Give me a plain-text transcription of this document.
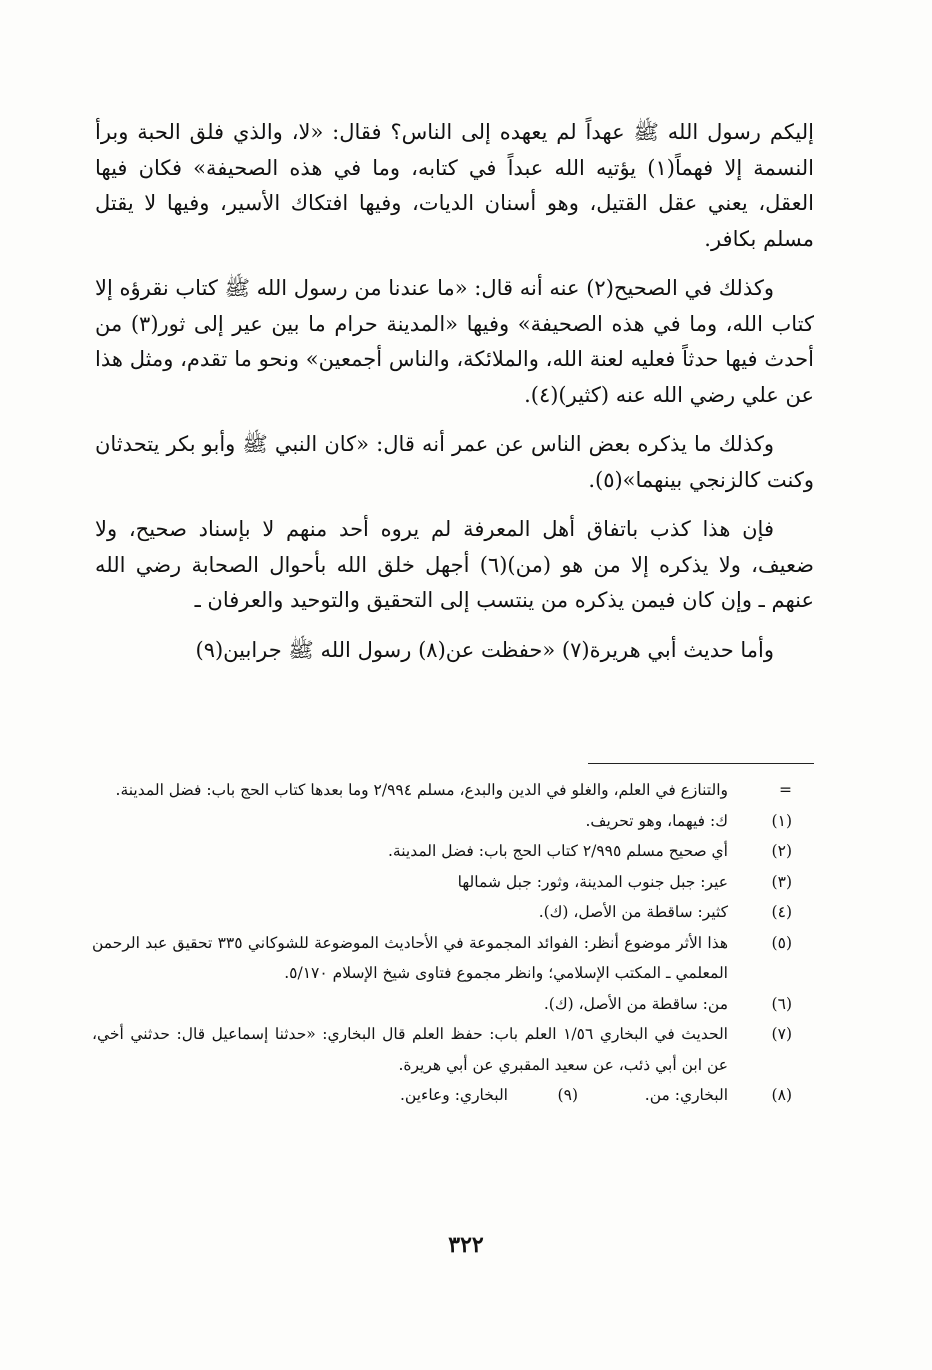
إليكم رسول الله ﷺ عهداً لم يعهده إلى الناس؟ فقال: «لا، والذي فلق الحبة وبرأ النسمة إلا فهماً(١) يؤتيه الله عبداً في كتابه، وما في هذه الصحيفة» فكان فيها العقل، يعني عقل القتيل، وهو أسنان الديات، وفيها افتكاك الأسير، وفيها لا يقتل مسلم بكافر.

وكذلك في الصحيح(٢) عنه أنه قال: «ما عندنا من رسول الله ﷺ كتاب نقرؤه إلا كتاب الله، وما في هذه الصحيفة» وفيها «المدينة حرام ما بين عير إلى ثور(٣) من أحدث فيها حدثاً فعليه لعنة الله، والملائكة، والناس أجمعين» ونحو ما تقدم، ومثل هذا عن علي رضي الله عنه (كثير)(٤).

وكذلك ما يذكره بعض الناس عن عمر أنه قال: «كان النبي ﷺ وأبو بكر يتحدثان وكنت كالزنجي بينهما»(٥).

فإن هذا كذب باتفاق أهل المعرفة لم يروه أحد منهم لا بإسناد صحيح، ولا ضعيف، ولا يذكره إلا من هو (من)(٦) أجهل خلق الله بأحوال الصحابة رضي الله عنهم ـ وإن كان فيمن يذكره من ينتسب إلى التحقيق والتوحيد والعرفان ـ

وأما حديث أبي هريرة(٧) «حفظت عن(٨) رسول الله ﷺ جرابين(٩)

=
والتنازع في العلم، والغلو في الدين والبدع، مسلم ٢/٩٩٤ وما بعدها كتاب الحج باب: فضل المدينة.
(١)
ك: فيهما، وهو تحريف.
(٢)
أي صحيح مسلم ٢/٩٩٥ كتاب الحج باب: فضل المدينة.
(٣)
عير: جبل جنوب المدينة، وثور: جبل شمالها
(٤)
كثير: ساقطة من الأصل، (ك).
(٥)
هذا الأثر موضوع أنظر: الفوائد المجموعة في الأحاديث الموضوعة للشوكاني ٣٣٥ تحقيق عبد الرحمن المعلمي ـ المكتب الإسلامي؛ وانظر مجموع فتاوى شيخ الإسلام ٥/١٧٠.
(٦)
من: ساقطة من الأصل، (ك).
(٧)
الحديث في البخاري ١/٥٦ العلم باب: حفظ العلم قال البخاري: «حدثنا إسماعيل قال: حدثني أخي، عن ابن أبي ذئب، عن سعيد المقبري عن أبي هريرة.
(٨)
البخاري: من.
(٩)
البخاري: وعاءين.
٣٢٢
